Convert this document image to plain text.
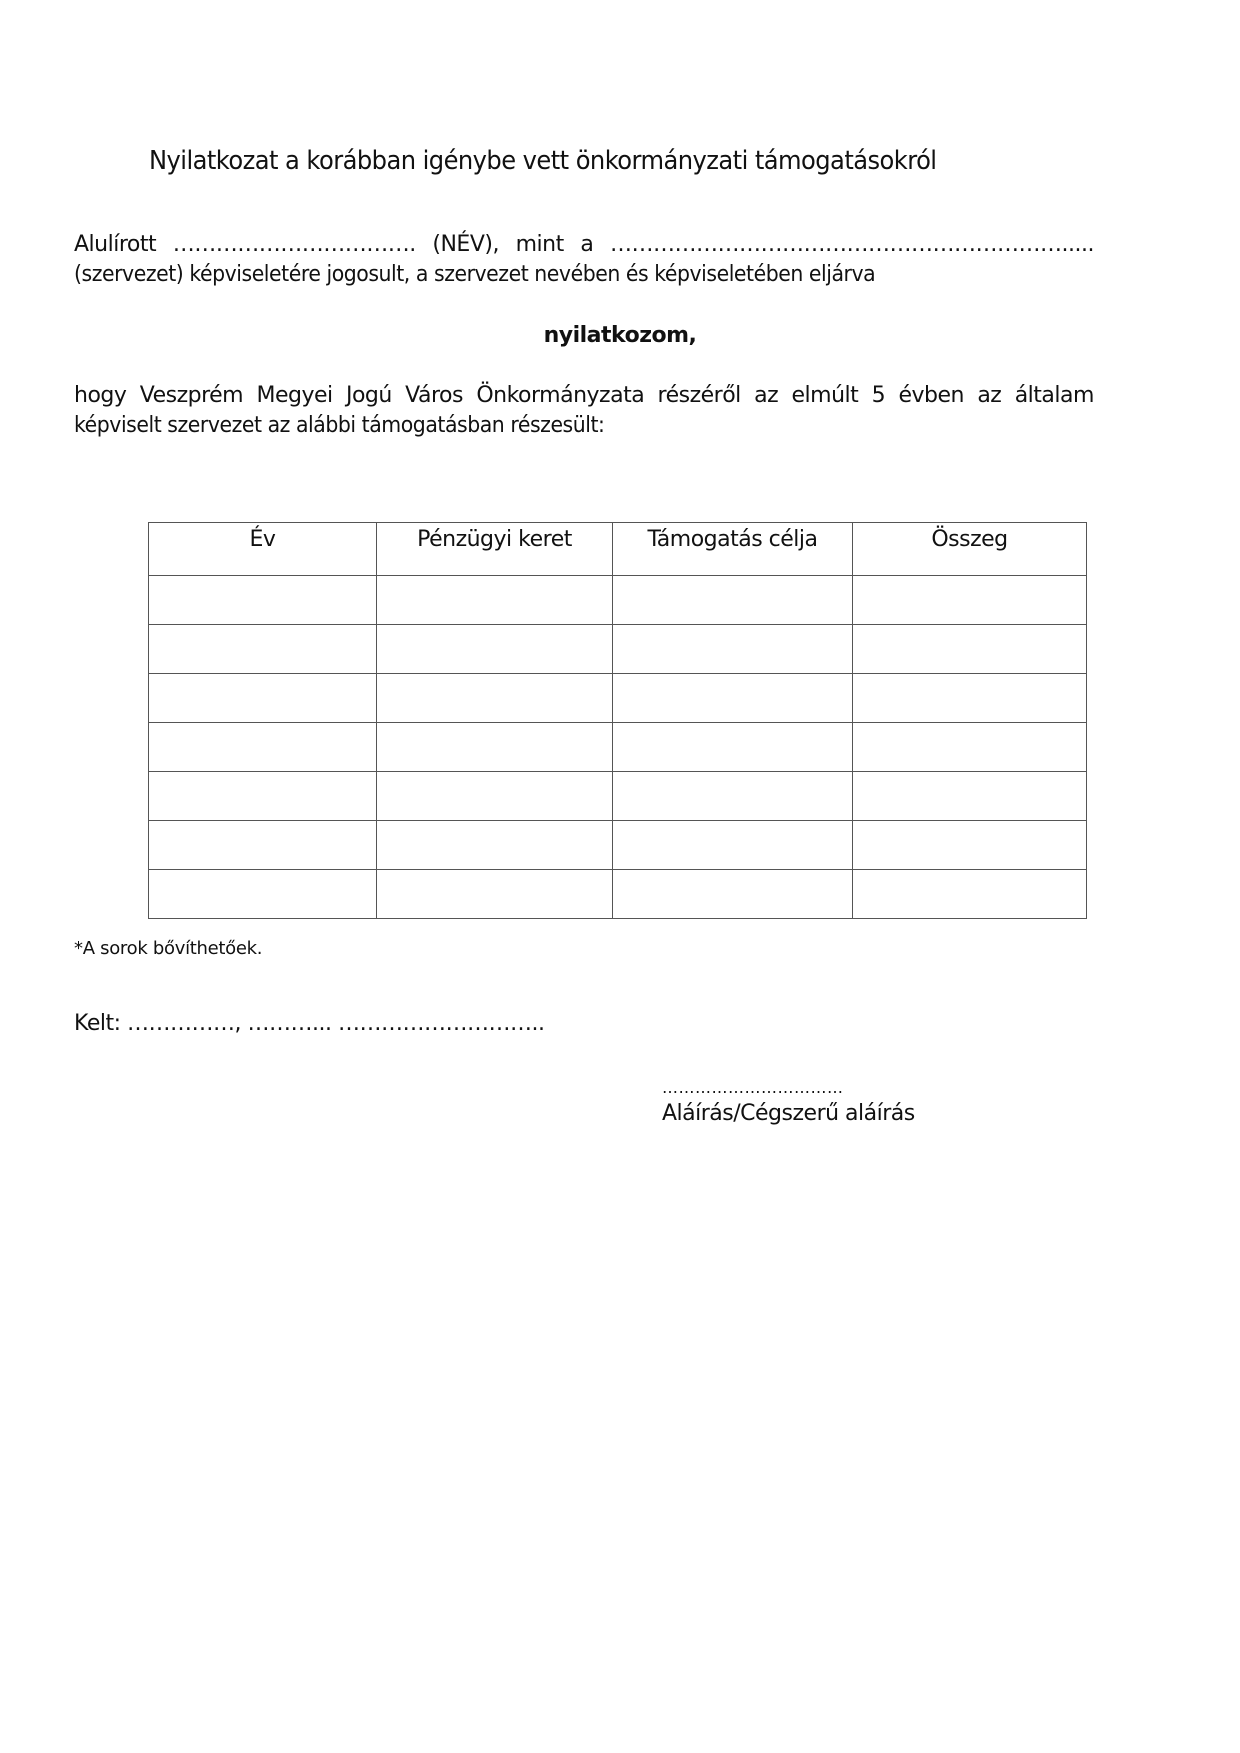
Nyilatkozat a korábban igénybe vett önkormányzati támogatásokról
Alulírott ……………………………. (NÉV), mint a ……………………………………………………….....
(szervezet) képviseletére jogosult, a szervezet nevében és képviseletében eljárva
nyilatkozom,
hogy Veszprém Megyei Jogú Város Önkormányzata részéről az elmúlt 5 évben az általam
képviselt szervezet az alábbi támogatásban részesült:
Év	Pénzügyi keret	Támogatás célja	Összeg

*A sorok bővíthetőek.
Kelt: ……………, ………... ………………………..
……………………………
Aláírás/Cégszerű aláírás
